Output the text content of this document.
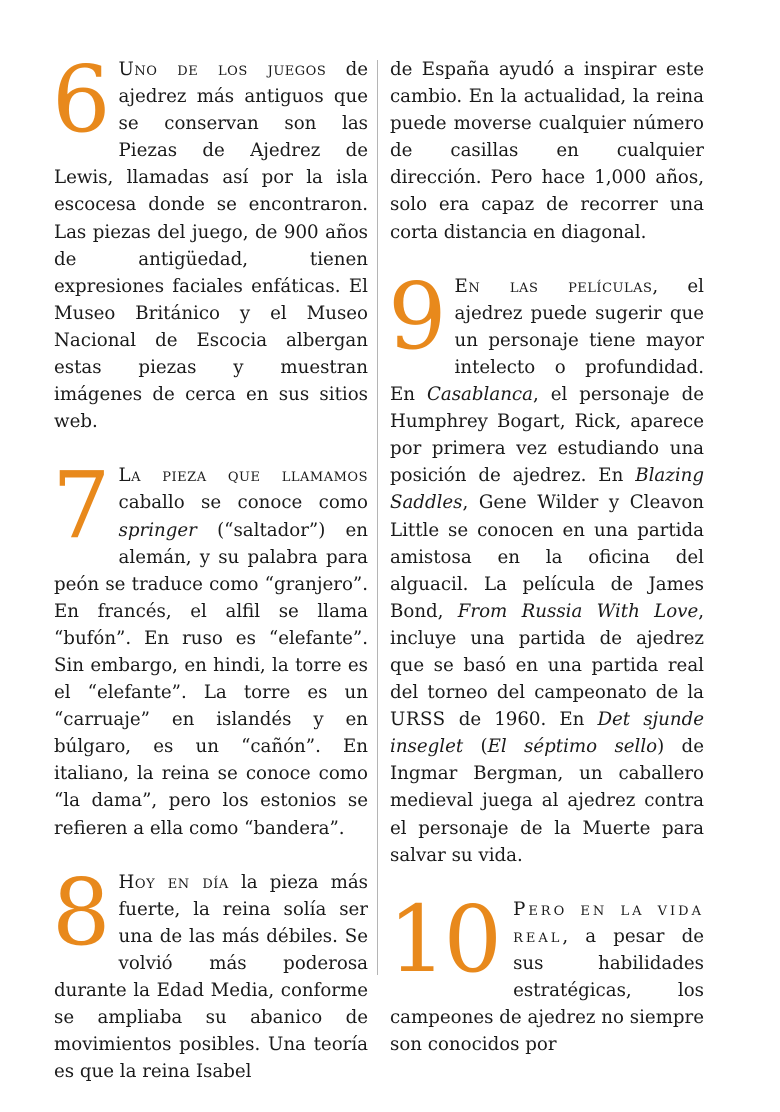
6 Uno de los juegos de ajedrez más antiguos que se conservan son las Piezas de Ajedrez de Lewis, llamadas así por la isla escocesa donde se encontraron. Las piezas del juego, de 900 años de antigüedad, tienen expresiones faciales enfáticas. El Museo Británico y el Museo Nacional de Escocia albergan estas piezas y muestran imágenes de cerca en sus sitios web.

7 La pieza que llamamos caballo se conoce como springer (“saltador”) en alemán, y su palabra para peón se traduce como “granjero”. En francés, el alfil se llama “bufón”. En ruso es “elefante”. Sin embargo, en hindi, la torre es el “elefante”. La torre es un “carruaje” en islandés y en búlgaro, es un “cañón”. En italiano, la reina se conoce como “la dama”, pero los estonios se refieren a ella como “bandera”.

8 Hoy en día la pieza más fuerte, la reina solía ser una de las más débiles. Se volvió más poderosa durante la Edad Media, conforme se ampliaba su abanico de movimientos posibles. Una teoría es que la reina Isabel

de España ayudó a inspirar este cambio. En la actualidad, la reina puede moverse cualquier número de casillas en cualquier dirección. Pero hace 1,000 años, solo era capaz de recorrer una corta distancia en diagonal.

9 En las películas, el ajedrez puede sugerir que un personaje tiene mayor intelecto o profundidad. En Casablanca, el personaje de Humphrey Bogart, Rick, aparece por primera vez estudiando una posición de ajedrez. En Blazing Saddles, Gene Wilder y Cleavon Little se conocen en una partida amistosa en la oficina del alguacil. La película de James Bond, From Russia With Love, incluye una partida de ajedrez que se basó en una partida real del torneo del campeonato de la URSS de 1960. En Det sjunde inseglet (El séptimo sello) de Ingmar Bergman, un caballero medieval juega al ajedrez contra el personaje de la Muerte para salvar su vida.

10 Pero en la vida real, a pesar de sus habilidades estratégicas, los campeones de ajedrez no siempre son conocidos por
